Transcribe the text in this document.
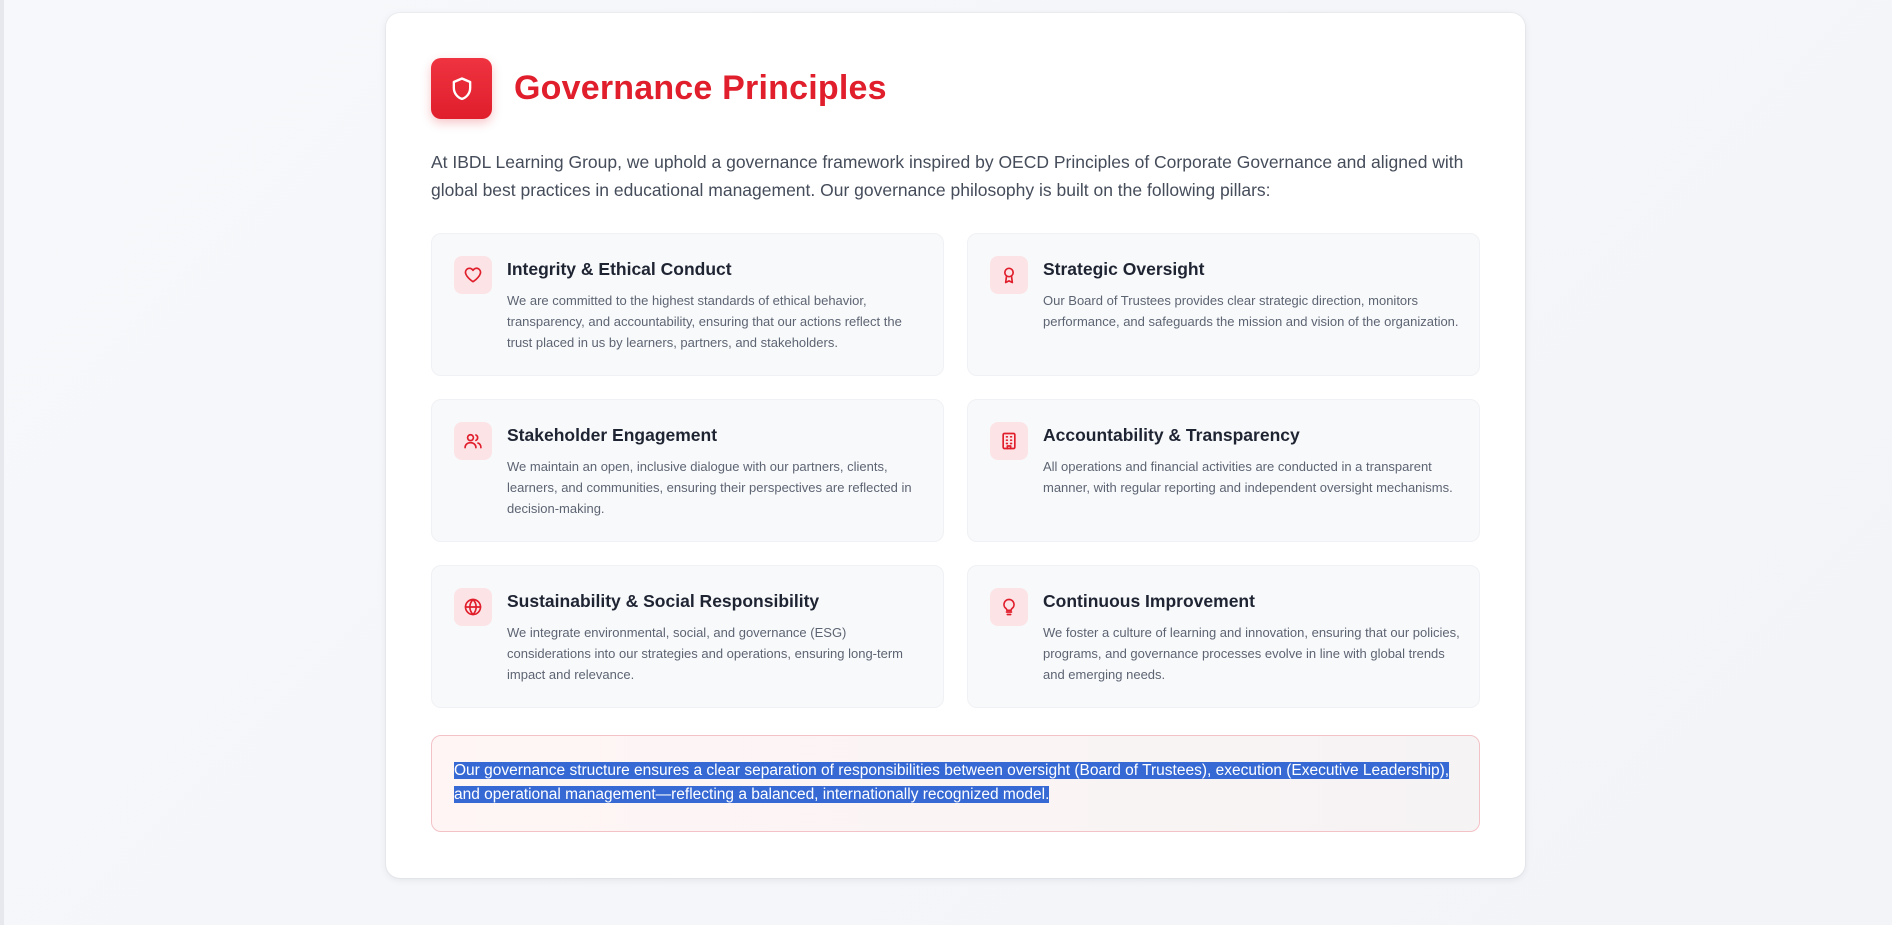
Governance Principles

At IBDL Learning Group, we uphold a governance framework inspired by OECD Principles of Corporate Governance and aligned with global best practices in educational management. Our governance philosophy is built on the following pillars:

Integrity & Ethical Conduct
We are committed to the highest standards of ethical behavior, transparency, and accountability, ensuring that our actions reflect the trust placed in us by learners, partners, and stakeholders.
Strategic Oversight
Our Board of Trustees provides clear strategic direction, monitors performance, and safeguards the mission and vision of the organization.
Stakeholder Engagement
We maintain an open, inclusive dialogue with our partners, clients, learners, and communities, ensuring their perspectives are reflected in decision-making.
Accountability & Transparency
All operations and financial activities are conducted in a transparent manner, with regular reporting and independent oversight mechanisms.
Sustainability & Social Responsibility
We integrate environmental, social, and governance (ESG) considerations into our strategies and operations, ensuring long-term impact and relevance.
Continuous Improvement
We foster a culture of learning and innovation, ensuring that our policies, programs, and governance processes evolve in line with global trends and emerging needs.

Our governance structure ensures a clear separation of responsibilities between oversight (Board of Trustees), execution (Executive Leadership), and operational management—reflecting a balanced, internationally recognized model.
